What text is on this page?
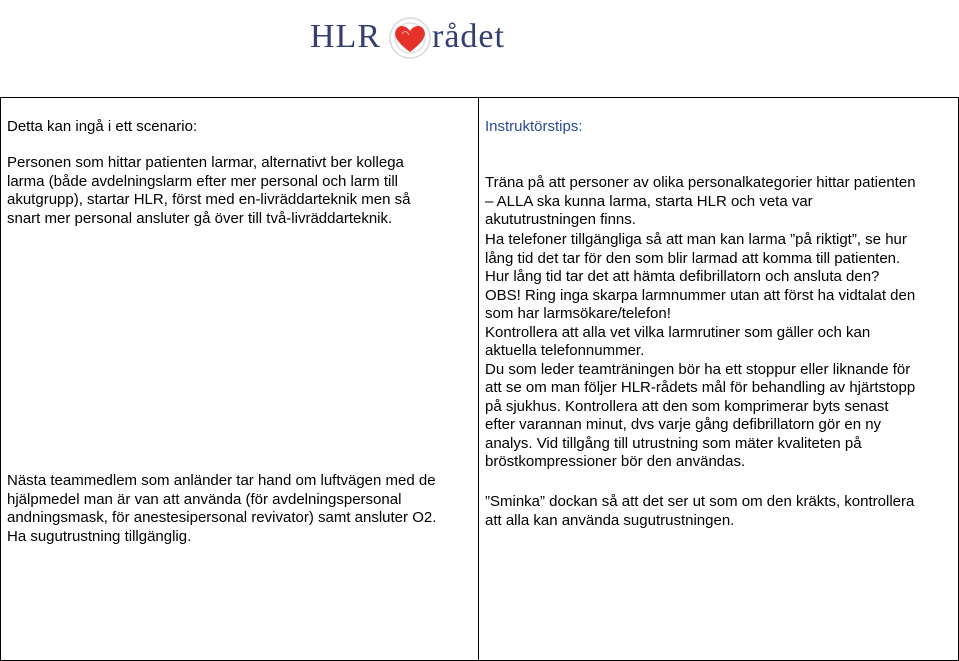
HLR rådet

Detta kan ingå i ett scenario:

Personen som hittar patienten larmar, alternativt ber kollega
larma (både avdelningslarm efter mer personal och larm till
akutgrupp), startar HLR, först med en-livräddarteknik men så
snart mer personal ansluter gå över till två-livräddarteknik.

Nästa teammedlem som anländer tar hand om luftvägen med de
hjälpmedel man är van att använda (för avdelningspersonal
andningsmask, för anestesipersonal revivator) samt ansluter O2.
Ha sugutrustning tillgänglig.

Instruktörstips:

Träna på att personer av olika personalkategorier hittar patienten
– ALLA ska kunna larma, starta HLR och veta var
akututrustningen finns.

Ha telefoner tillgängliga så att man kan larma ”på riktigt”, se hur
lång tid det tar för den som blir larmad att komma till patienten.
Hur lång tid tar det att hämta defibrillatorn och ansluta den?
OBS! Ring inga skarpa larmnummer utan att först ha vidtalat den
som har larmsökare/telefon!
Kontrollera att alla vet vilka larmrutiner som gäller och kan
aktuella telefonnummer.
Du som leder teamträningen bör ha ett stoppur eller liknande för
att se om man följer HLR-rådets mål för behandling av hjärtstopp
på sjukhus. Kontrollera att den som komprimerar byts senast
efter varannan minut, dvs varje gång defibrillatorn gör en ny
analys. Vid tillgång till utrustning som mäter kvaliteten på
bröstkompressioner bör den användas.

”Sminka” dockan så att det ser ut som om den kräkts, kontrollera
att alla kan använda sugutrustningen.
